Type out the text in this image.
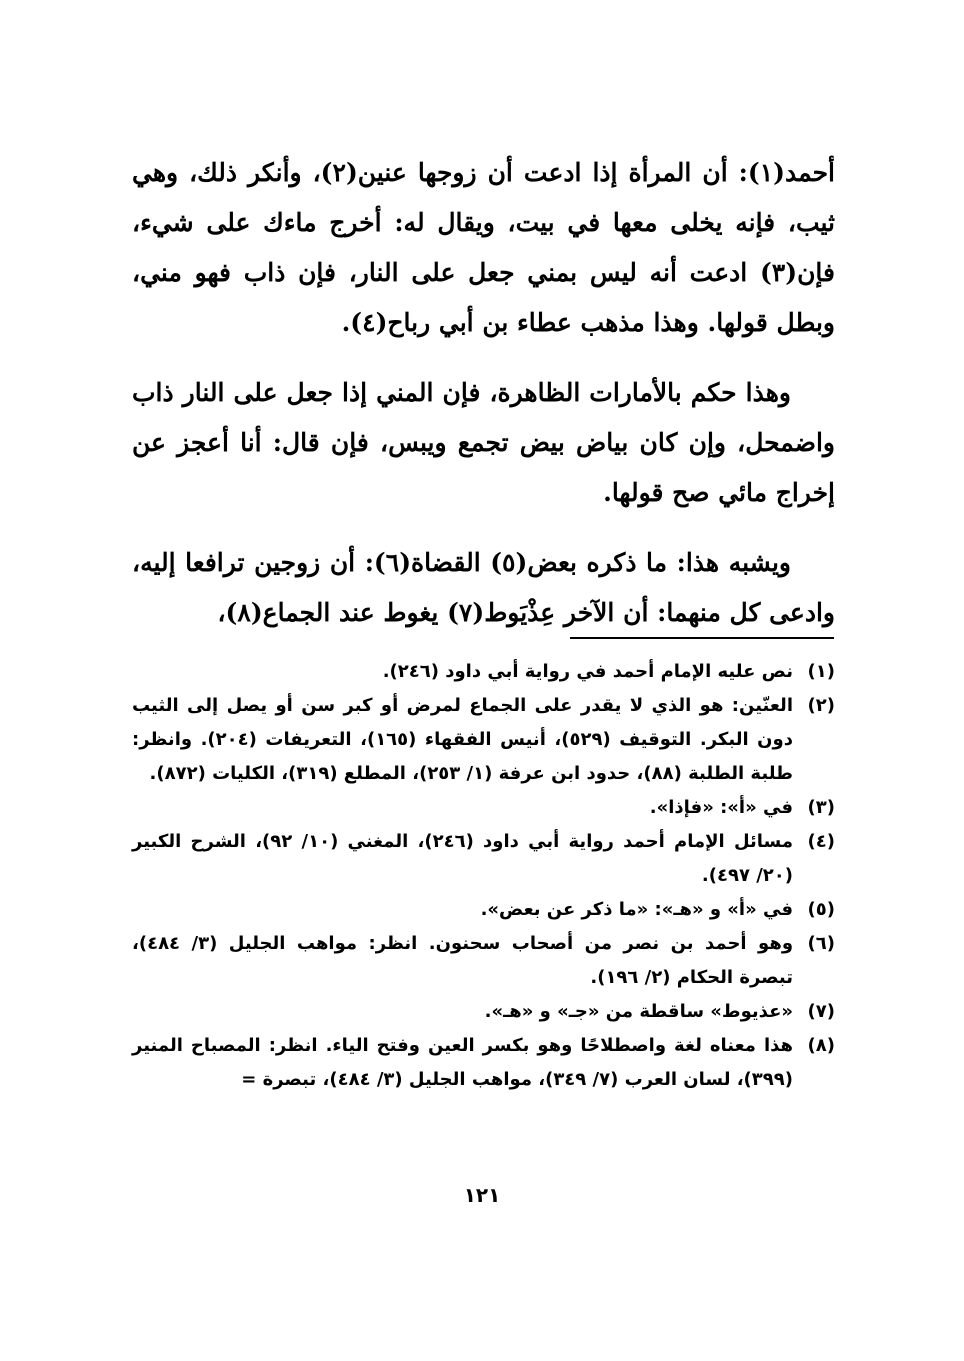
أحمد(١): أن المرأة إذا ادعت أن زوجها عنين(٢)، وأنكر ذلك، وهي ثيب، فإنه يخلى معها في بيت، ويقال له: أخرج ماءك على شيء، فإن(٣) ادعت أنه ليس بمني جعل على النار، فإن ذاب فهو مني، وبطل قولها. وهذا مذهب عطاء بن أبي رباح(٤).

وهذا حكم بالأمارات الظاهرة، فإن المني إذا جعل على النار ذاب واضمحل، وإن كان بياض بيض تجمع ويبس، فإن قال: أنا أعجز عن إخراج مائي صح قولها.

ويشبه هذا: ما ذكره بعض(٥) القضاة(٦): أن زوجين ترافعا إليه، وادعى كل منهما: أن الآخر عِذْيَوط(٧) يغوط عند الجماع(٨)،

(١)
نص عليه الإمام أحمد في رواية أبي داود (٢٤٦).
(٢)
العنّين: هو الذي لا يقدر على الجماع لمرض أو كبر سن أو يصل إلى الثيب دون البكر. التوقيف (٥٢٩)، أنيس الفقهاء (١٦٥)، التعريفات (٢٠٤). وانظر: طلبة الطلبة (٨٨)، حدود ابن عرفة (١/ ٢٥٣)، المطلع (٣١٩)، الكليات (٨٧٢).
(٣)
في «أ»: «فإذا».
(٤)
مسائل الإمام أحمد رواية أبي داود (٢٤٦)، المغني (١٠/ ٩٢)، الشرح الكبير (٢٠/ ٤٩٧).
(٥)
في «أ» و «هـ»: «ما ذكر عن بعض».
(٦)
وهو أحمد بن نصر من أصحاب سحنون. انظر: مواهب الجليل (٣/ ٤٨٤)، تبصرة الحكام (٢/ ١٩٦).
(٧)
«عذيوط» ساقطة من «جـ» و «هـ».
(٨)
هذا معناه لغة واصطلاحًا وهو بكسر العين وفتح الياء. انظر: المصباح المنير (٣٩٩)، لسان العرب (٧/ ٣٤٩)، مواهب الجليل (٣/ ٤٨٤)، تبصرة =
١٢١
